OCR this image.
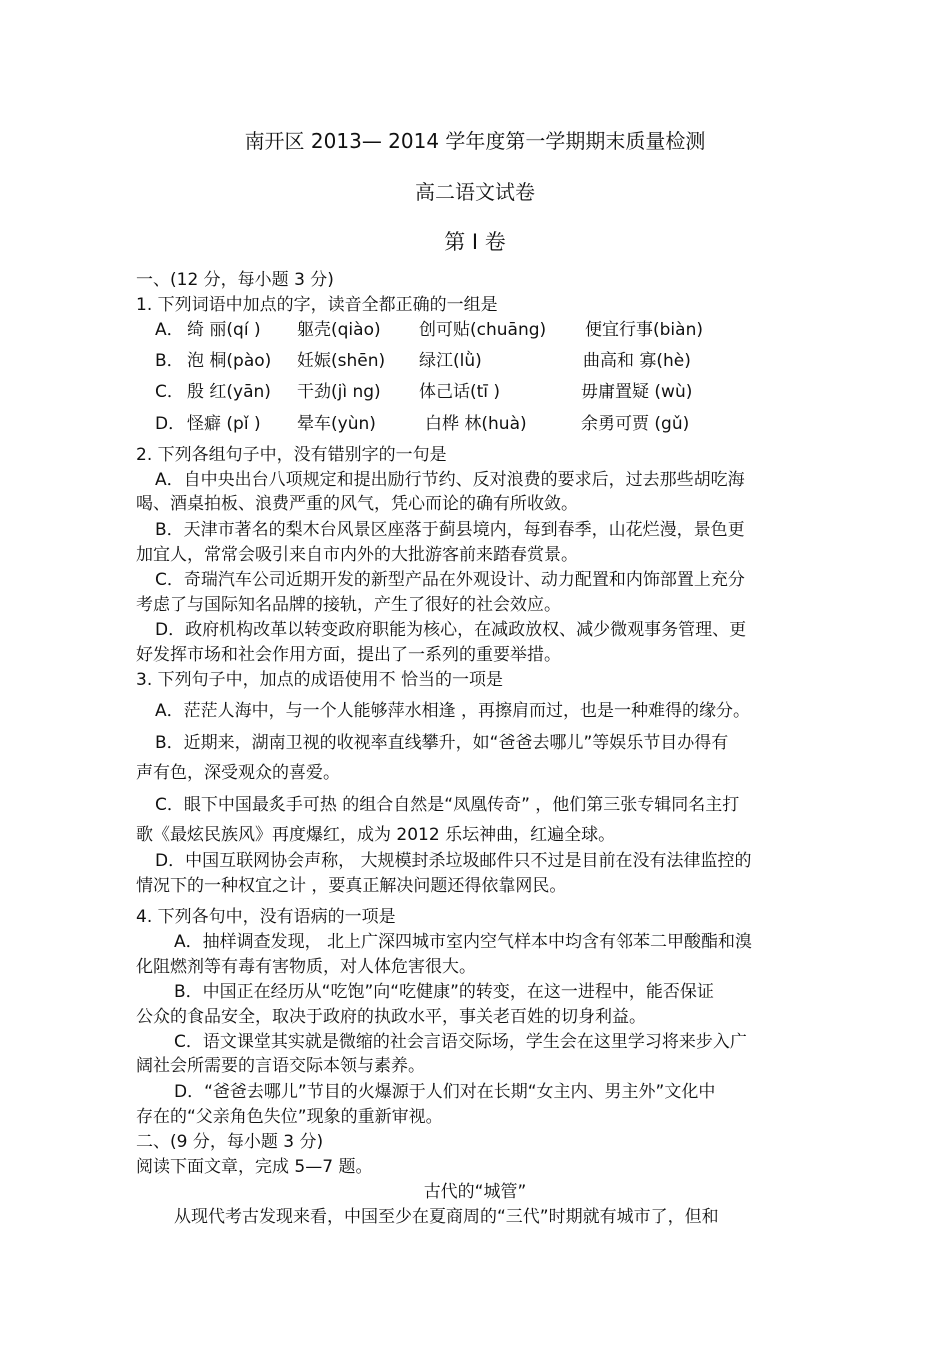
南开区 2013— 2014 学年度第一学期期末质量检测
高二语文试卷
第 Ⅰ 卷
一、(12 分，每小题 3 分)
1. 下列词语中加点的字，读音全都正确的一组是
A． 绮 丽(qí ) 躯壳(qiào) 创可贴(chuāng) 便宜行事(biàn)
B． 泡 桐(pào) 妊娠(shēn) 绿江(lǜ)	曲高和 寡(hè)
C． 殷 红(yān) 干劲(jì ng) 体己话(tī )	毋庸置疑 (wù)
D． 怪癖 (pǐ ) 晕车(yùn)	白桦 林(huà)	余勇可贾 (gǔ)
2. 下列各组句子中，没有错别字的一句是
A．自中央出台八项规定和提出励行节约、反对浪费的要求后，过去那些胡吃海
喝、酒桌拍板、浪费严重的风气，凭心而论的确有所收敛。
B．天津市著名的梨木台风景区座落于蓟县境内，每到春季，山花烂漫，景色更
加宜人，常常会吸引来自市内外的大批游客前来踏春赏景。
C．奇瑞汽车公司近期开发的新型产品在外观设计、动力配置和内饰部置上充分
考虑了与国际知名品牌的接轨，产生了很好的社会效应。
D．政府机构改革以转变政府职能为核心，在减政放权、减少微观事务管理、更
好发挥市场和社会作用方面，提出了一系列的重要举措。
3. 下列句子中，加点的成语使用不 恰当的一项是
A．茫茫人海中，与一个人能够萍水相逢 ，再擦肩而过，也是一种难得的缘分。
B．近期来，湖南卫视的收视率直线攀升，如“爸爸去哪儿”等娱乐节目办得有
声有色，深受观众的喜爱。
C．眼下中国最炙手可热 的组合自然是“凤凰传奇” ，他们第三张专辑同名主打
歌《最炫民族风》再度爆红，成为 2012 乐坛神曲，红遍全球。
D．中国互联网协会声称， 大规模封杀垃圾邮件只不过是目前在没有法律监控的
情况下的一种权宜之计 ，要真正解决问题还得依靠网民。
4. 下列各句中，没有语病的一项是
A．抽样调查发现， 北上广深四城市室内空气样本中均含有邻苯二甲酸酯和溴
化阻燃剂等有毒有害物质，对人体危害很大。
B．中国正在经历从“吃饱”向“吃健康”的转变，在这一进程中，能否保证
公众的食品安全，取决于政府的执政水平，事关老百姓的切身利益。
C．语文课堂其实就是微缩的社会言语交际场，学生会在这里学习将来步入广
阔社会所需要的言语交际本领与素养。
D．“爸爸去哪儿”节目的火爆源于人们对在长期“女主内、男主外”文化中
存在的“父亲角色失位”现象的重新审视。
二、(9 分，每小题 3 分)
阅读下面文章，完成 5—7 题。
古代的“城管”
从现代考古发现来看，中国至少在夏商周的“三代”时期就有城市了，但和
